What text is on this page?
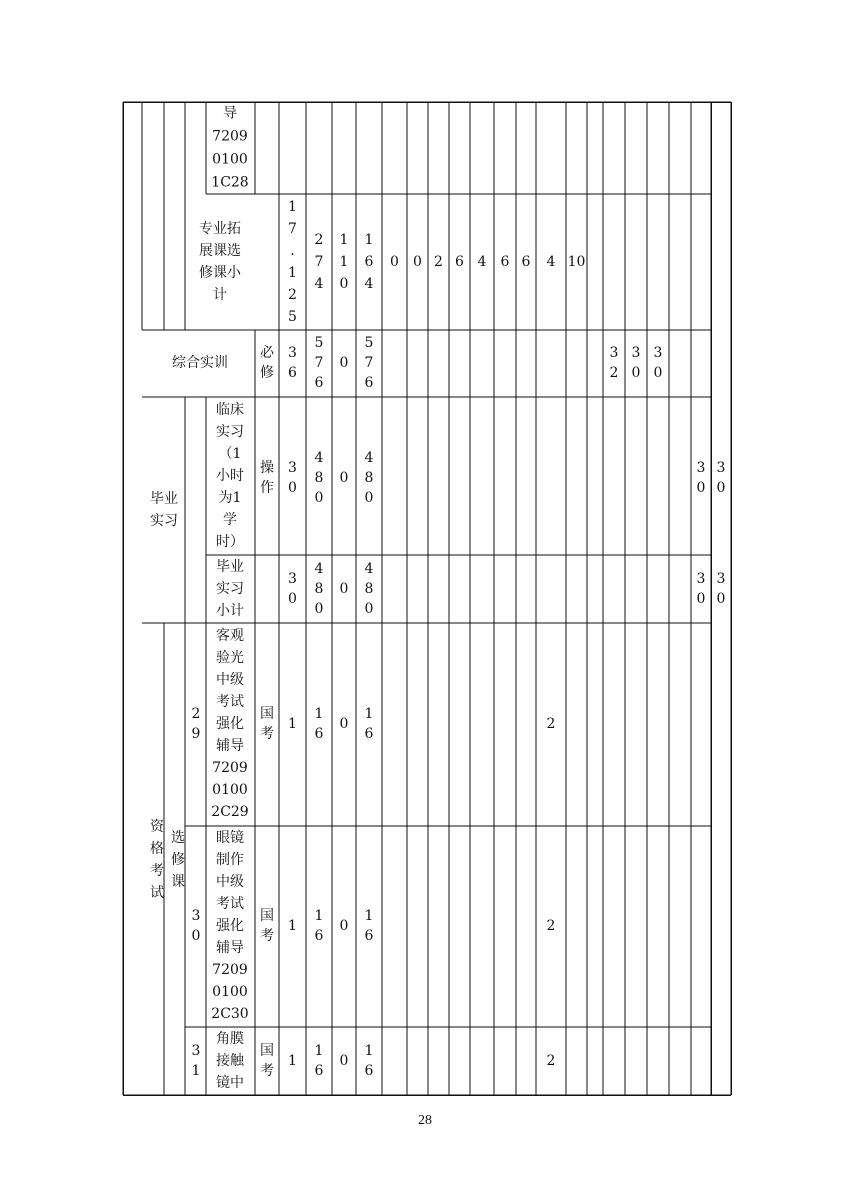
导
7209
0100
1C28
专业拓
展课选
修课小
计
1
7
.
1
2
5
2
7
4
1
1
0
1
6
4
0 0 2 6 4 6 6 4 10
综合实训
必
修
3
6
5
7
6
0
5
7
6
3
2
3
0
3
0
毕业
实习
临床
实习
（1
小时
为1
学
时）
操
作
3
0
4
8
0
0
4
8
0
3
0
3
0
毕业
实习
小计
3
0
4
8
0
0
4
8
0
3
0
3
0
资
格
考
试
选
修
课
2
9
客观
验光
中级
考试
强化
辅导
7209
0100
2C29
国
考
1
1
6
0
1
6
2
3
0
眼镜
制作
中级
考试
强化
辅导
7209
0100
2C30
国
考
1
1
6
0
1
6
2
3
1
角膜
接触
镜中
国
考
1
1
6
0
1
6
2
28
